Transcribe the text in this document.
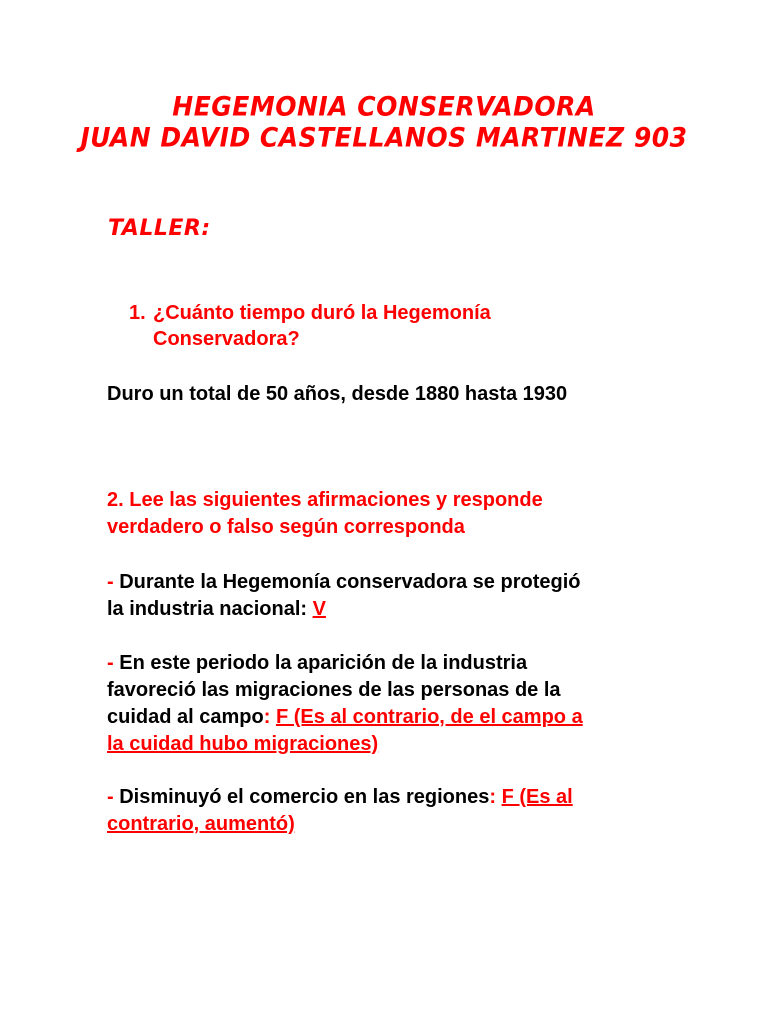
HEGEMONIA CONSERVADORA
JUAN DAVID CASTELLANOS MARTINEZ 903
TALLER:
1. ¿Cuánto tiempo duró la Hegemonía
Conservadora?
Duro un total de 50 años, desde 1880 hasta 1930
2. Lee las siguientes afirmaciones y responde
verdadero o falso según corresponda
- Durante la Hegemonía conservadora se protegió
la industria nacional: V
- En este periodo la aparición de la industria
favoreció las migraciones de las personas de la
cuidad al campo: F (Es al contrario, de el campo a
la cuidad hubo migraciones)
- Disminuyó el comercio en las regiones: F (Es al
contrario, aumentó)
